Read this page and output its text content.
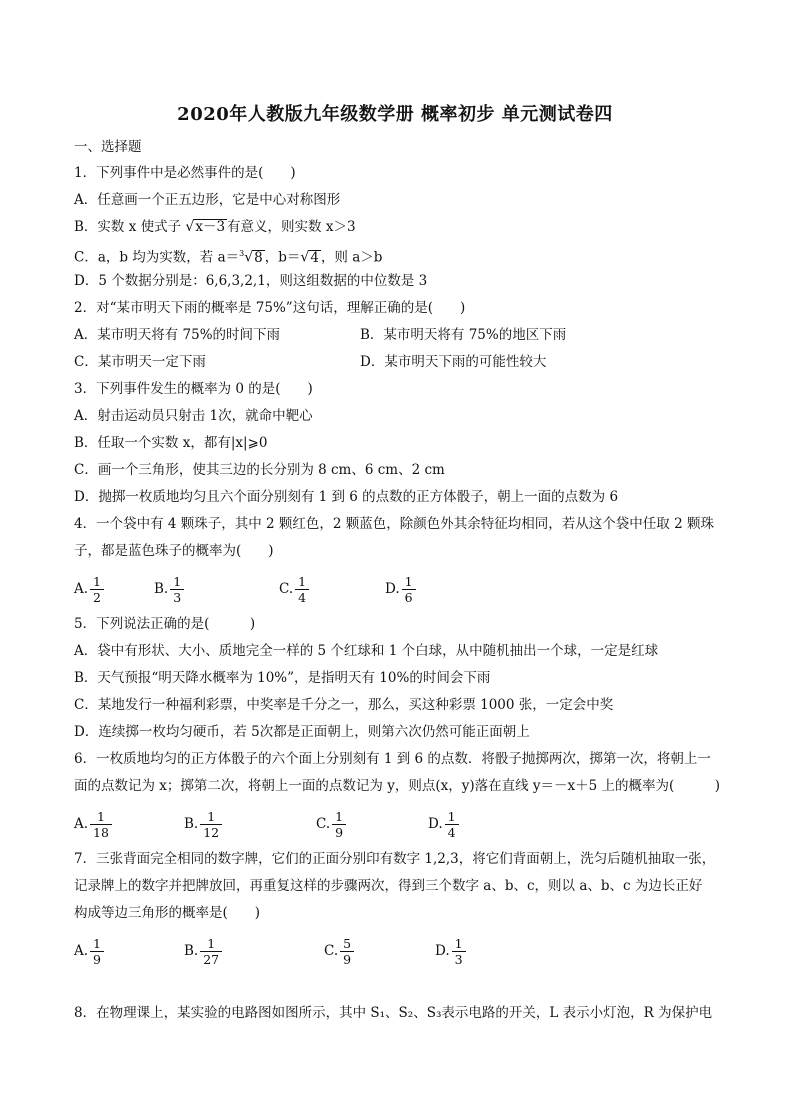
2020年人教版九年级数学册 概率初步 单元测试卷四
一、选择题
1．下列事件中是必然事件的是(　　)
A．任意画一个正五边形，它是中心对称图形
B．实数 x 使式子 √x－3 有意义，则实数 x＞3
C．a，b 均为实数，若 a＝$^3$√8 ，b＝√4 ，则 a＞b
D．5 个数据分别是：6,6,3,2,1，则这组数据的中位数是 3
2．对“某市明天下雨的概率是 75%”这句话，理解正确的是(　　)
A．某市明天将有 75%的时间下雨	B．某市明天将有 75%的地区下雨
C．某市明天一定下雨	D．某市明天下雨的可能性较大
3．下列事件发生的概率为 0 的是(　　)
A．射击运动员只射击 1次，就命中靶心
B．任取一个实数 x，都有|x|⩾0
C．画一个三角形，使其三边的长分别为 8 cm、6 cm、2 cm
D．抛掷一枚质地均匀且六个面分别刻有 1 到 6 的点数的正方体骰子，朝上一面的点数为 6
4．一个袋中有 4 颗珠子，其中 2 颗红色，2 颗蓝色，除颜色外其余特征均相同，若从这个袋中任取 2 颗珠
子，都是蓝色珠子的概率为(　　)
A. $\frac{1}{2}$	B. $\frac{1}{3}$	C. $\frac{1}{4}$	D. $\frac{1}{6}$
5．下列说法正确的是(　　　)
A．袋中有形状、大小、质地完全一样的 5 个红球和 1 个白球，从中随机抽出一个球，一定是红球
B．天气预报“明天降水概率为 10%”，是指明天有 10%的时间会下雨
C．某地发行一种福利彩票，中奖率是千分之一，那么，买这种彩票 1000 张，一定会中奖
D．连续掷一枚均匀硬币，若 5次都是正面朝上，则第六次仍然可能正面朝上
6．一枚质地均匀的正方体骰子的六个面上分别刻有 1 到 6 的点数．将骰子抛掷两次，掷第一次，将朝上一
面的点数记为 x；掷第二次，将朝上一面的点数记为 y，则点(x，y)落在直线 y＝－x＋5 上的概率为(　　　)
A. $\frac{1}{18}$	B. $\frac{1}{12}$	C. $\frac{1}{9}$	D. $\frac{1}{4}$
7．三张背面完全相同的数字牌，它们的正面分别印有数字 1,2,3，将它们背面朝上，洗匀后随机抽取一张，
记录牌上的数字并把牌放回，再重复这样的步骤两次，得到三个数字 a、b、c，则以 a、b、c 为边长正好
构成等边三角形的概率是(　　)
A. $\frac{1}{9}$	B. $\frac{1}{27}$	C. $\frac{5}{9}$	D. $\frac{1}{3}$
8．在物理课上，某实验的电路图如图所示，其中 S₁、S₂、S₃表示电路的开关，L 表示小灯泡，R 为保护电
